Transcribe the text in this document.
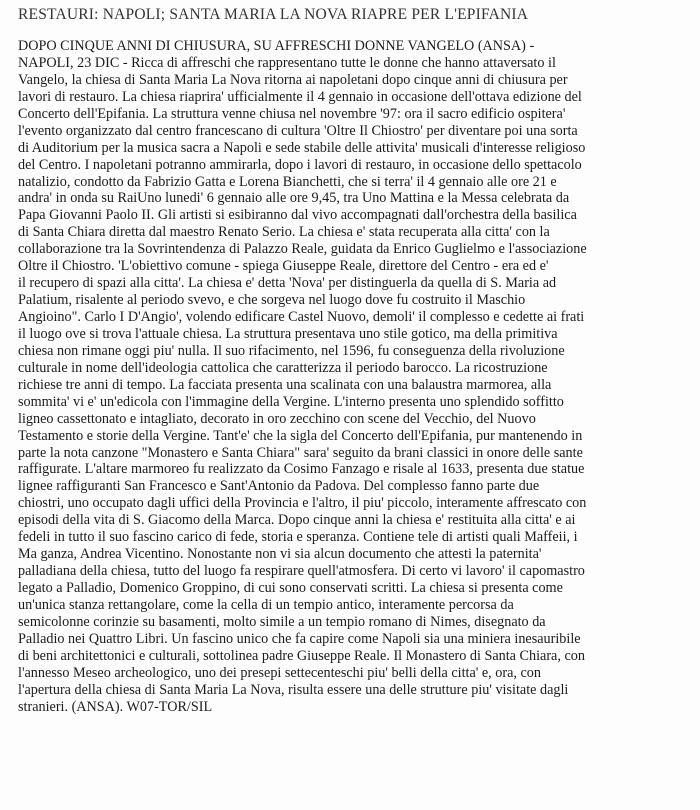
RESTAURI: NAPOLI; SANTA MARIA LA NOVA RIAPRE PER L'EPIFANIA
DOPO CINQUE ANNI DI CHIUSURA, SU AFFRESCHI DONNE VANGELO (ANSA) -
NAPOLI, 23 DIC - Ricca di affreschi che rappresentano tutte le donne che hanno attaversato il
Vangelo, la chiesa di Santa Maria La Nova ritorna ai napoletani dopo cinque anni di chiusura per
lavori di restauro. La chiesa riaprira' ufficialmente il 4 gennaio in occasione dell'ottava edizione del
Concerto dell'Epifania. La struttura venne chiusa nel novembre '97: ora il sacro edificio ospitera'
l'evento organizzato dal centro francescano di cultura 'Oltre Il Chiostro' per diventare poi una sorta
di Auditorium per la musica sacra a Napoli e sede stabile delle attivita' musicali d'interesse religioso
del Centro. I napoletani potranno ammirarla, dopo i lavori di restauro, in occasione dello spettacolo
natalizio, condotto da Fabrizio Gatta e Lorena Bianchetti, che si terra' il 4 gennaio alle ore 21 e
andra' in onda su RaiUno lunedi' 6 gennaio alle ore 9,45, tra Uno Mattina e la Messa celebrata da
Papa Giovanni Paolo II. Gli artisti si esibiranno dal vivo accompagnati dall'orchestra della basilica
di Santa Chiara diretta dal maestro Renato Serio. La chiesa e' stata recuperata alla citta' con la
collaborazione tra la Sovrintendenza di Palazzo Reale, guidata da Enrico Guglielmo e l'associazione
Oltre il Chiostro. 'L'obiettivo comune - spiega Giuseppe Reale, direttore del Centro - era ed e'
il recupero di spazi alla citta'. La chiesa e' detta 'Nova' per distinguerla da quella di S. Maria ad
Palatium, risalente al periodo svevo, e che sorgeva nel luogo dove fu costruito il Maschio
Angioino". Carlo I D'Angio', volendo edificare Castel Nuovo, demoli' il complesso e cedette ai frati
il luogo ove si trova l'attuale chiesa. La struttura presentava uno stile gotico, ma della primitiva
chiesa non rimane oggi piu' nulla. Il suo rifacimento, nel 1596, fu conseguenza della rivoluzione
culturale in nome dell'ideologia cattolica che caratterizza il periodo barocco. La ricostruzione
richiese tre anni di tempo. La facciata presenta una scalinata con una balaustra marmorea, alla
sommita' vi e' un'edicola con l'immagine della Vergine. L'interno presenta uno splendido soffitto
ligneo cassettonato e intagliato, decorato in oro zecchino con scene del Vecchio, del Nuovo
Testamento e storie della Vergine. Tant'e' che la sigla del Concerto dell'Epifania, pur mantenendo in
parte la nota canzone "Monastero e Santa Chiara" sara' seguito da brani classici in onore delle sante
raffigurate. L'altare marmoreo fu realizzato da Cosimo Fanzago e risale al 1633, presenta due statue
lignee raffiguranti San Francesco e Sant'Antonio da Padova. Del complesso fanno parte due
chiostri, uno occupato dagli uffici della Provincia e l'altro, il piu' piccolo, interamente affrescato con
episodi della vita di S. Giacomo della Marca. Dopo cinque anni la chiesa e' restituita alla citta' e ai
fedeli in tutto il suo fascino carico di fede, storia e speranza. Contiene tele di artisti quali Maffeii, i
Ma ganza, Andrea Vicentino. Nonostante non vi sia alcun documento che attesti la paternita'
palladiana della chiesa, tutto del luogo fa respirare quell'atmosfera. Di certo vi lavoro' il capomastro
legato a Palladio, Domenico Groppino, di cui sono conservati scritti. La chiesa si presenta come
un'unica stanza rettangolare, come la cella di un tempio antico, interamente percorsa da
semicolonne corinzie su basamenti, molto simile a un tempio romano di Nimes, disegnato da
Palladio nei Quattro Libri. Un fascino unico che fa capire come Napoli sia una miniera inesauribile
di beni architettonici e culturali, sottolinea padre Giuseppe Reale. Il Monastero di Santa Chiara, con
l'annesso Meseo archeologico, uno dei presepi settecenteschi piu' belli della citta' e, ora, con
l'apertura della chiesa di Santa Maria La Nova, risulta essere una delle strutture piu' visitate dagli
stranieri. (ANSA). W07-TOR/SIL
